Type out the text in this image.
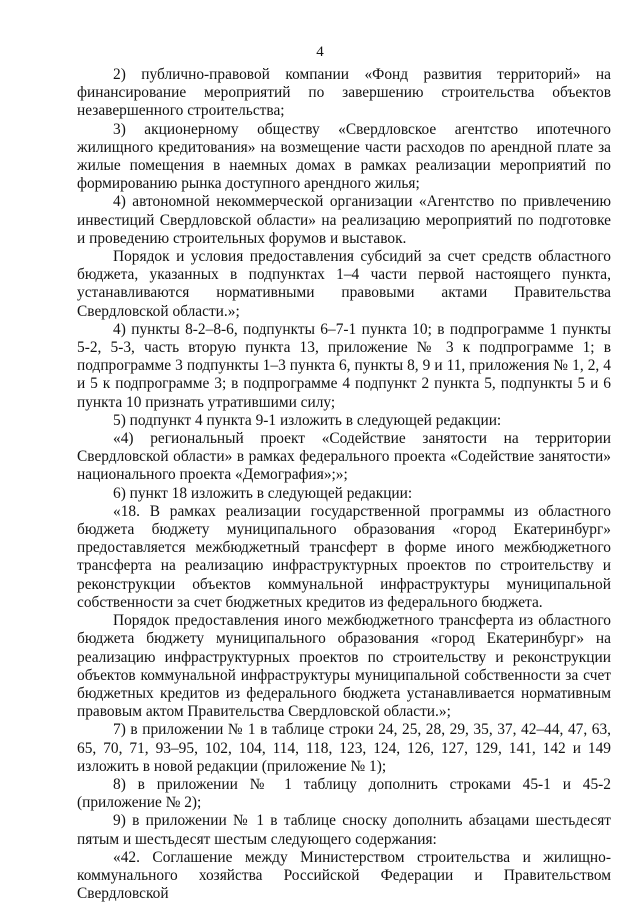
4

2) публично-правовой компании «Фонд развития территорий» на финансирование мероприятий по завершению строительства объектов незавершенного строительства;

3) акционерному обществу «Свердловское агентство ипотечного жилищного кредитования» на возмещение части расходов по арендной плате за жилые помещения в наемных домах в рамках реализации мероприятий по формированию рынка доступного арендного жилья;

4) автономной некоммерческой организации «Агентство по привлечению инвестиций Свердловской области» на реализацию мероприятий по подготовке и проведению строительных форумов и выставок.

Порядок и условия предоставления субсидий за счет средств областного бюджета, указанных в подпунктах 1–4 части первой настоящего пункта, устанавливаются нормативными правовыми актами Правительства Свердловской области.»;

4) пункты 8-2–8-6, подпункты 6–7-1 пункта 10; в подпрограмме 1 пункты 5-2, 5-3, часть вторую пункта 13, приложение № 3 к подпрограмме 1; в подпрограмме 3 подпункты 1–3 пункта 6, пункты 8, 9 и 11, приложения № 1, 2, 4 и 5 к подпрограмме 3; в подпрограмме 4 подпункт 2 пункта 5, подпункты 5 и 6 пункта 10 признать утратившими силу;

5) подпункт 4 пункта 9-1 изложить в следующей редакции:

«4) региональный проект «Содействие занятости на территории Свердловской области» в рамках федерального проекта «Содействие занятости» национального проекта «Демография»;»;

6) пункт 18 изложить в следующей редакции:

«18. В рамках реализации государственной программы из областного бюджета бюджету муниципального образования «город Екатеринбург» предоставляется межбюджетный трансферт в форме иного межбюджетного трансферта на реализацию инфраструктурных проектов по строительству и реконструкции объектов коммунальной инфраструктуры муниципальной собственности за счет бюджетных кредитов из федерального бюджета.

Порядок предоставления иного межбюджетного трансферта из областного бюджета бюджету муниципального образования «город Екатеринбург» на реализацию инфраструктурных проектов по строительству и реконструкции объектов коммунальной инфраструктуры муниципальной собственности за счет бюджетных кредитов из федерального бюджета устанавливается нормативным правовым актом Правительства Свердловской области.»;

7) в приложении № 1 в таблице строки 24, 25, 28, 29, 35, 37, 42–44, 47, 63, 65, 70, 71, 93–95, 102, 104, 114, 118, 123, 124, 126, 127, 129, 141, 142 и 149 изложить в новой редакции (приложение № 1);

8) в приложении № 1 таблицу дополнить строками 45-1 и 45-2 (приложение № 2);

9) в приложении № 1 в таблице сноску дополнить абзацами шестьдесят пятым и шестьдесят шестым следующего содержания:

«42. Соглашение между Министерством строительства и жилищно-коммунального хозяйства Российской Федерации и Правительством Свердловской
